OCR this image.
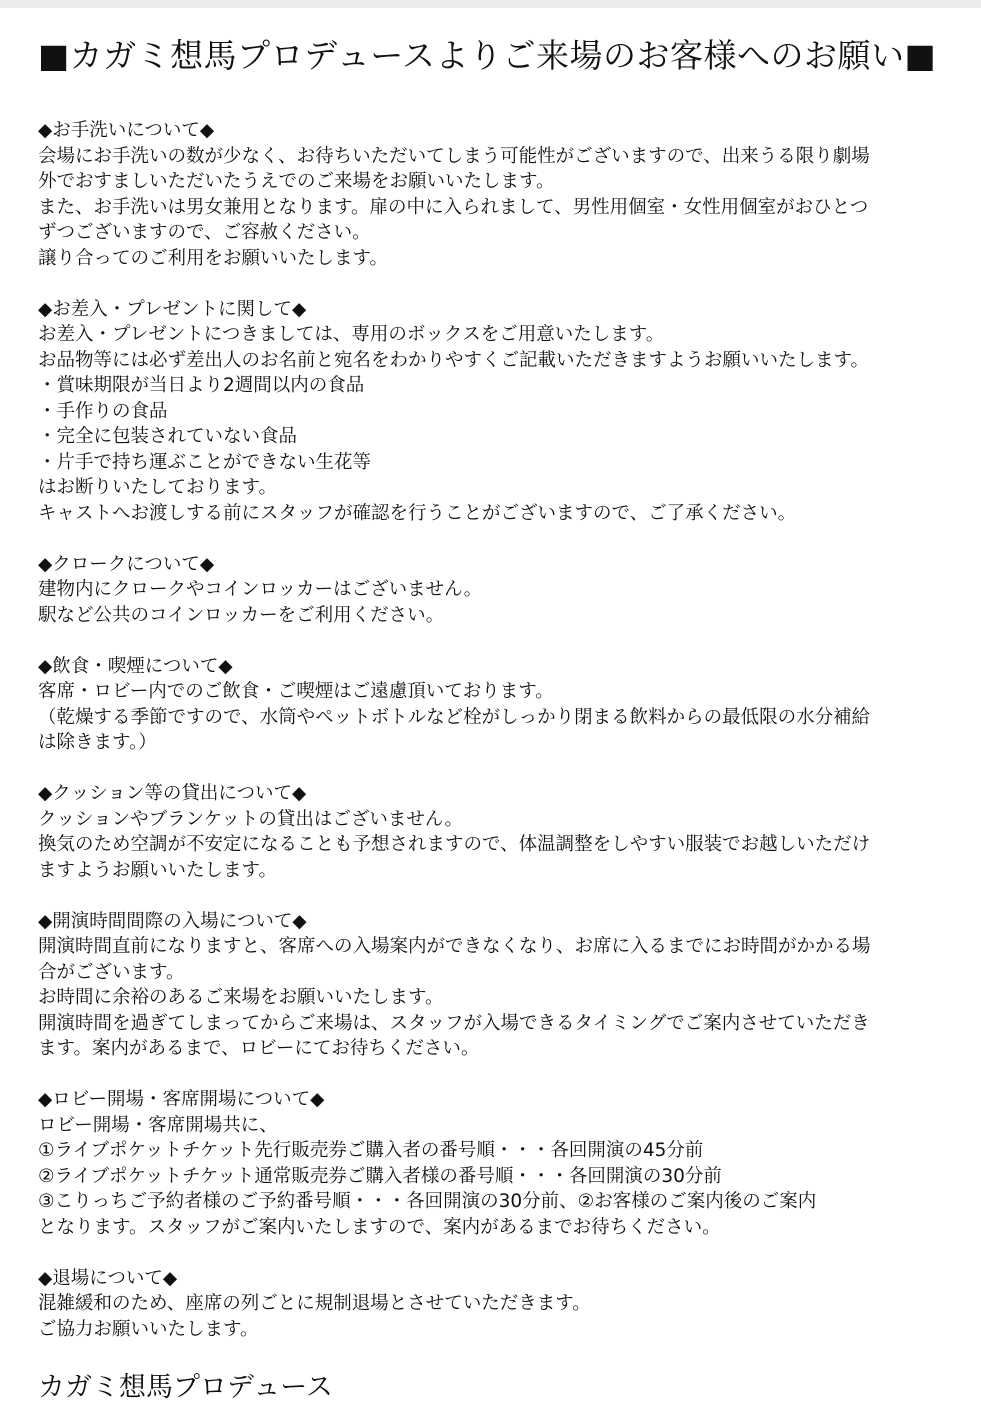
■カガミ想馬プロデュースよりご来場のお客様へのお願い■
◆お手洗いについて◆
会場にお手洗いの数が少なく、お待ちいただいてしまう可能性がございますので、出来うる限り劇場
外でおすましいただいたうえでのご来場をお願いいたします。
また、お手洗いは男女兼用となります。扉の中に入られまして、男性用個室・女性用個室がおひとつ
ずつございますので、ご容赦ください。
譲り合ってのご利用をお願いいたします。
◆お差入・プレゼントに関して◆
お差入・プレゼントにつきましては、専用のボックスをご用意いたします。
お品物等には必ず差出人のお名前と宛名をわかりやすくご記載いただきますようお願いいたします。
・賞味期限が当日より2週間以内の食品
・手作りの食品
・完全に包装されていない食品
・片手で持ち運ぶことができない生花等
はお断りいたしております。
キャストへお渡しする前にスタッフが確認を行うことがございますので、ご了承ください。
◆クロークについて◆
建物内にクロークやコインロッカーはございません。
駅など公共のコインロッカーをご利用ください。
◆飲食・喫煙について◆
客席・ロビー内でのご飲食・ご喫煙はご遠慮頂いております。
（乾燥する季節ですので、水筒やペットボトルなど栓がしっかり閉まる飲料からの最低限の水分補給
は除きます。）
◆クッション等の貸出について◆
クッションやブランケットの貸出はございません。
換気のため空調が不安定になることも予想されますので、体温調整をしやすい服装でお越しいただけ
ますようお願いいたします。
◆開演時間間際の入場について◆
開演時間直前になりますと、客席への入場案内ができなくなり、お席に入るまでにお時間がかかる場
合がございます。
お時間に余裕のあるご来場をお願いいたします。
開演時間を過ぎてしまってからご来場は、スタッフが入場できるタイミングでご案内させていただき
ます。案内があるまで、ロビーにてお待ちください。
◆ロビー開場・客席開場について◆
ロビー開場・客席開場共に、
①ライブポケットチケット先行販売券ご購入者の番号順・・・各回開演の45分前
②ライブポケットチケット通常販売券ご購入者様の番号順・・・各回開演の30分前
③こりっちご予約者様のご予約番号順・・・各回開演の30分前、②お客様のご案内後のご案内
となります。スタッフがご案内いたしますので、案内があるまでお待ちください。
◆退場について◆
混雑緩和のため、座席の列ごとに規制退場とさせていただきます。
ご協力お願いいたします。
カガミ想馬プロデュース
